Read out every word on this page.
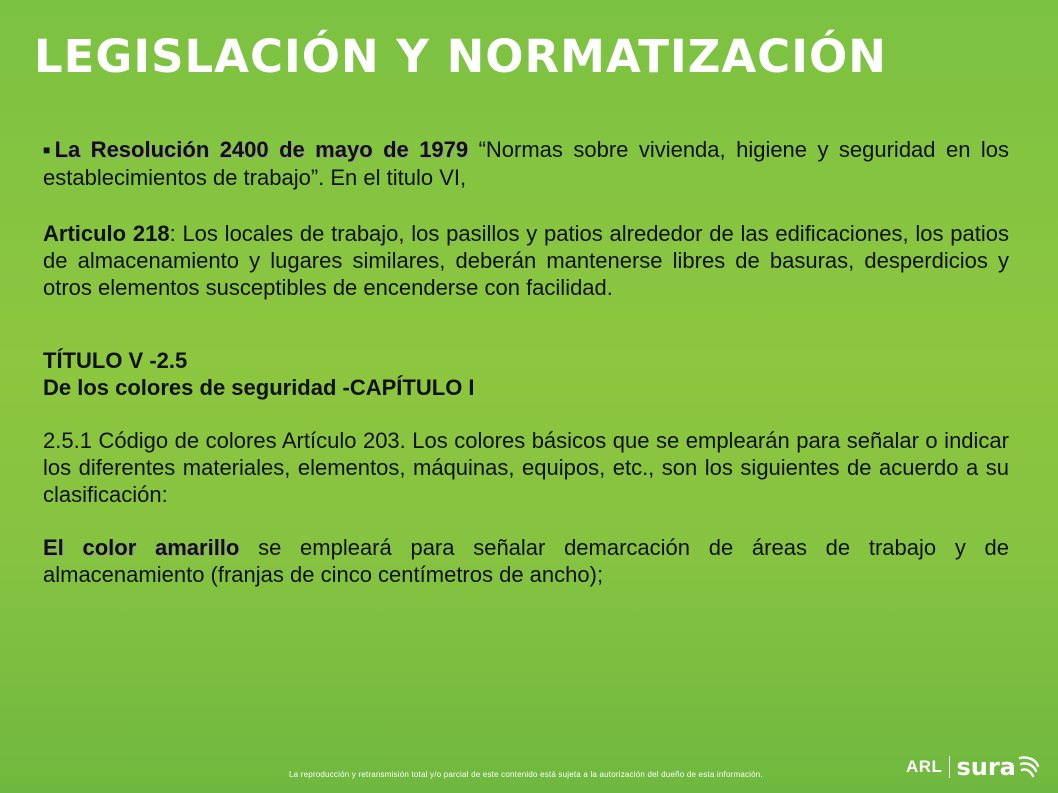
LEGISLACIÓN Y NORMATIZACIÓN

■La Resolución 2400 de mayo de 1979 “Normas sobre vivienda, higiene y seguridad en los establecimientos de trabajo”. En el titulo VI,

Articulo 218: Los locales de trabajo, los pasillos y patios alrededor de las edificaciones, los patios de almacenamiento y lugares similares, deberán mantenerse libres de basuras, desperdicios y otros elementos susceptibles de encenderse con facilidad.

TÍTULO V -2.5
De los colores de seguridad -CAPÍTULO I

2.5.1 Código de colores Artículo 203. Los colores básicos que se emplearán para señalar o indicar los diferentes materiales, elementos, máquinas, equipos, etc., son los siguientes de acuerdo a su clasificación:

El color amarillo se empleará para señalar demarcación de áreas de trabajo y de almacenamiento (franjas de cinco centímetros de ancho);

La reproducción y retransmisión total y/o parcial de este contenido está sujeta a la autorización del dueño de esta información.	ARL sura
